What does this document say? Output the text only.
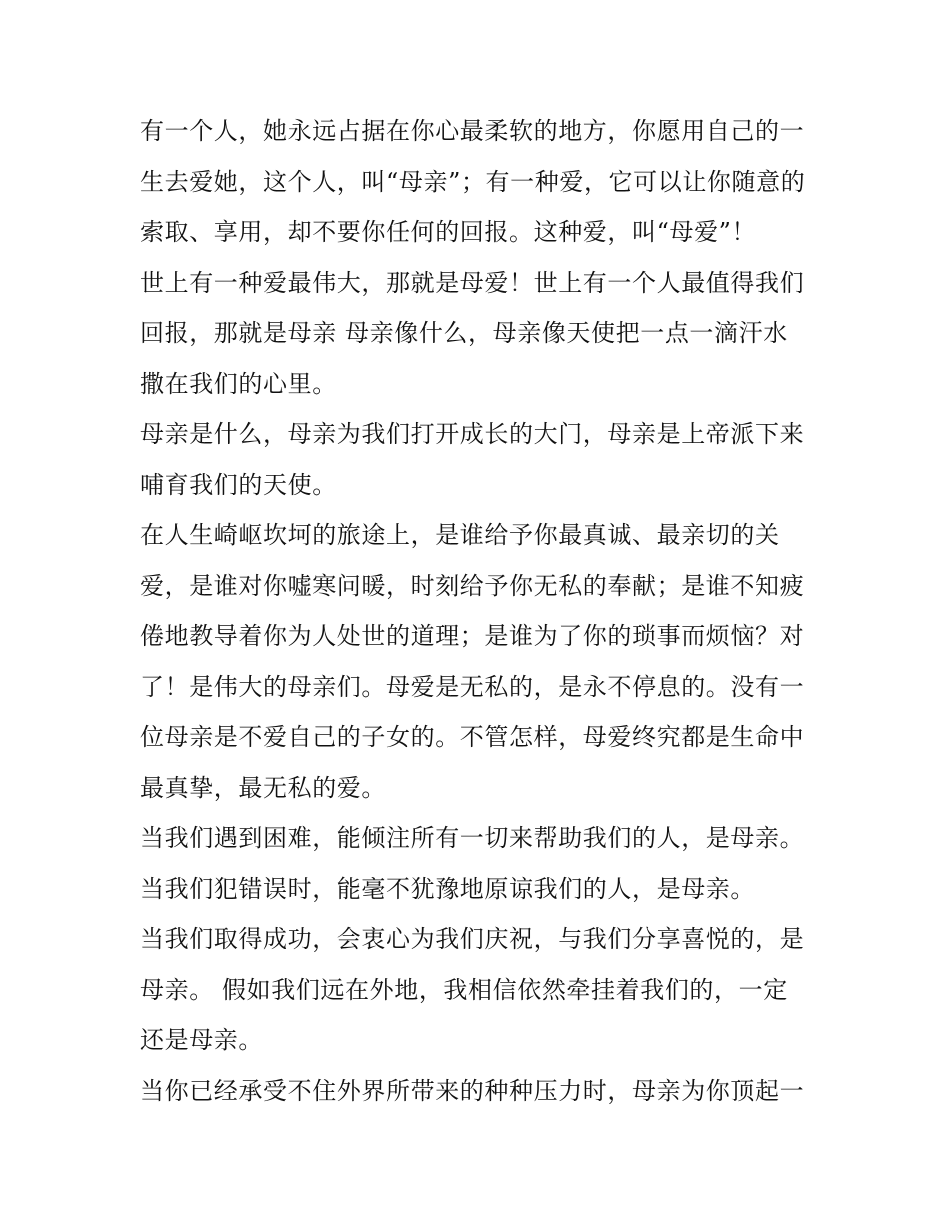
有一个人，她永远占据在你心最柔软的地方，你愿用自己的一
生去爱她，这个人，叫“母亲”；有一种爱，它可以让你随意的
索取、享用，却不要你任何的回报。这种爱，叫“母爱”！
世上有一种爱最伟大，那就是母爱！世上有一个人最值得我们
回报，那就是母亲 母亲像什么，母亲像天使把一点一滴汗水
撒在我们的心里。
母亲是什么，母亲为我们打开成长的大门，母亲是上帝派下来
哺育我们的天使。
在人生崎岖坎坷的旅途上，是谁给予你最真诚、最亲切的关
爱，是谁对你嘘寒问暖，时刻给予你无私的奉献；是谁不知疲
倦地教导着你为人处世的道理；是谁为了你的琐事而烦恼？对
了！是伟大的母亲们。母爱是无私的，是永不停息的。没有一
位母亲是不爱自己的子女的。不管怎样，母爱终究都是生命中
最真挚，最无私的爱。
当我们遇到困难，能倾注所有一切来帮助我们的人，是母亲。
当我们犯错误时，能毫不犹豫地原谅我们的人，是母亲。
当我们取得成功，会衷心为我们庆祝，与我们分享喜悦的，是
母亲。 假如我们远在外地，我相信依然牵挂着我们的，一定
还是母亲。
当你已经承受不住外界所带来的种种压力时，母亲为你顶起一
